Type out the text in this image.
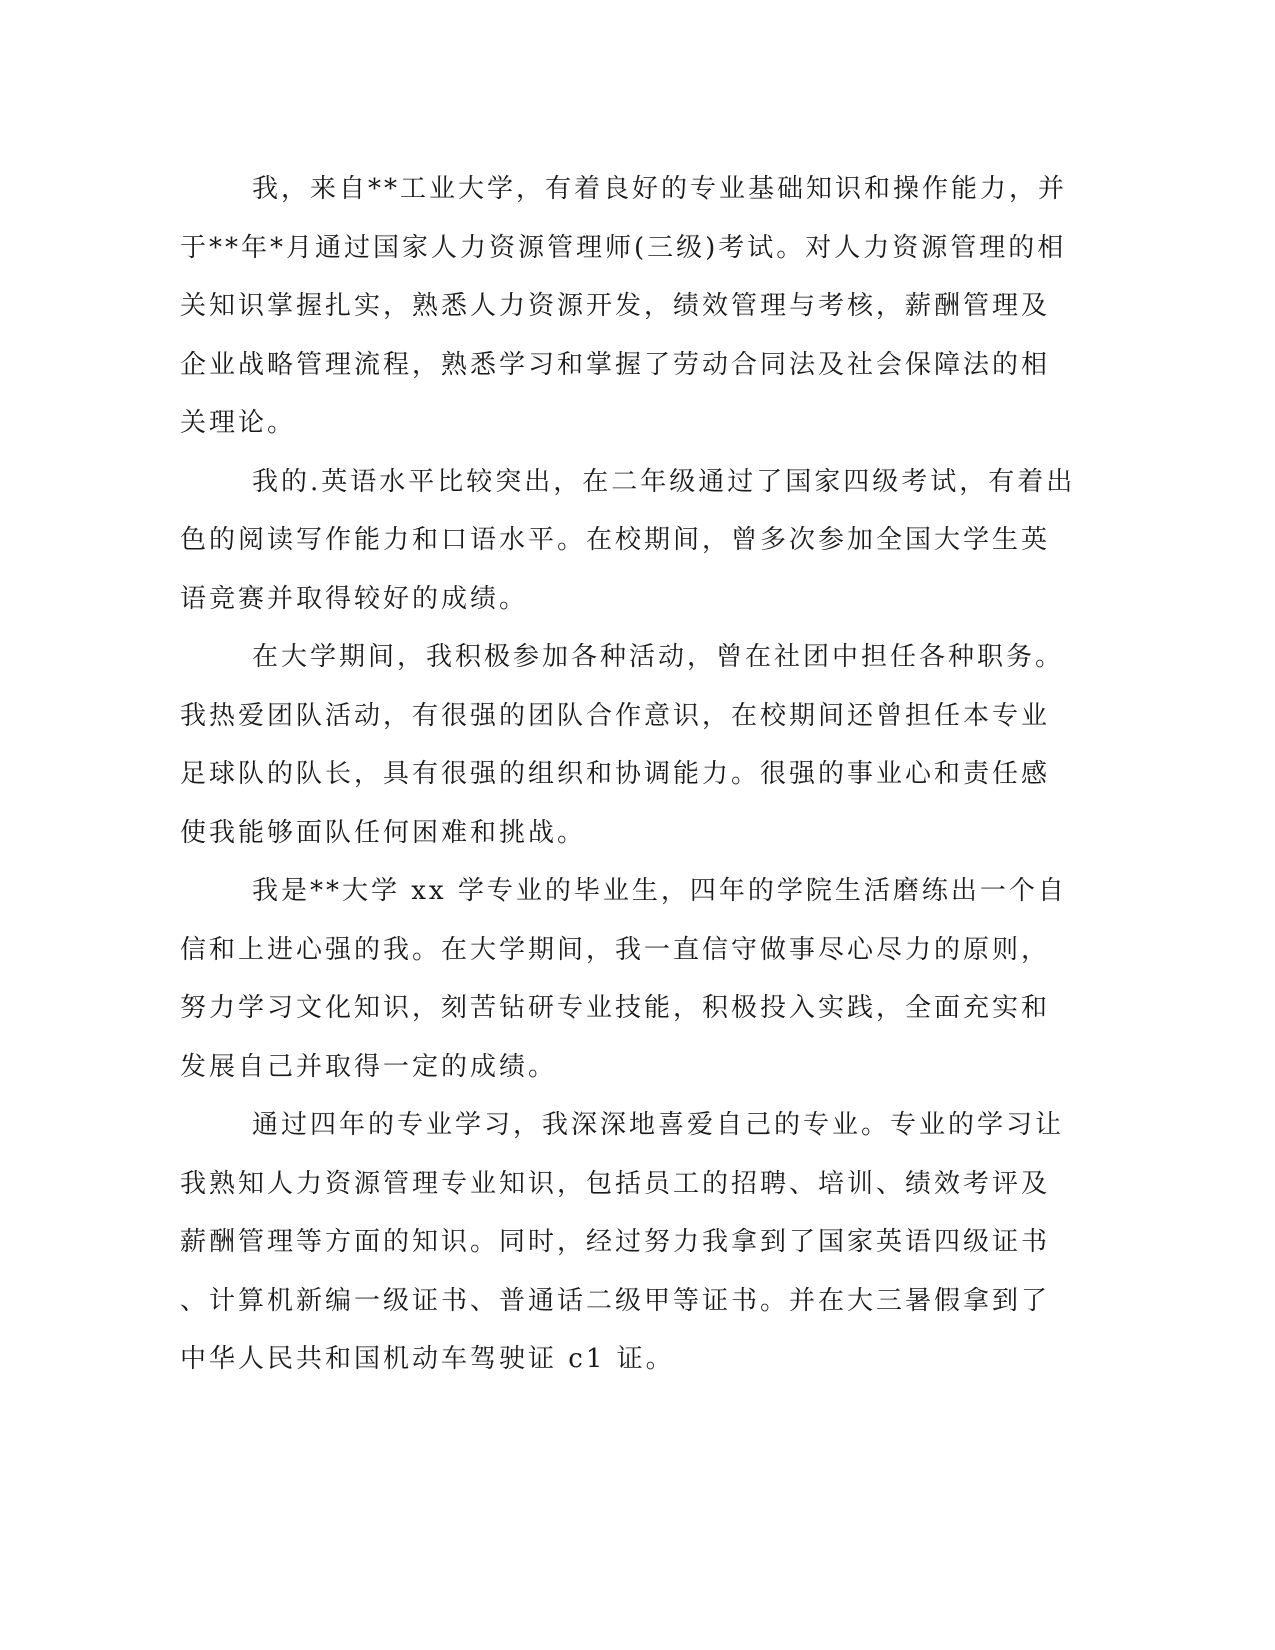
我，来自**工业大学，有着良好的专业基础知识和操作能力，并
于**年*月通过国家人力资源管理师(三级)考试。对人力资源管理的相
关知识掌握扎实，熟悉人力资源开发，绩效管理与考核，薪酬管理及
企业战略管理流程，熟悉学习和掌握了劳动合同法及社会保障法的相
关理论。
我的.英语水平比较突出，在二年级通过了国家四级考试，有着出
色的阅读写作能力和口语水平。在校期间，曾多次参加全国大学生英
语竞赛并取得较好的成绩。
在大学期间，我积极参加各种活动，曾在社团中担任各种职务。
我热爱团队活动，有很强的团队合作意识，在校期间还曾担任本专业
足球队的队长，具有很强的组织和协调能力。很强的事业心和责任感
使我能够面队任何困难和挑战。
我是**大学 xx 学专业的毕业生，四年的学院生活磨练出一个自
信和上进心强的我。在大学期间，我一直信守做事尽心尽力的原则，
努力学习文化知识，刻苦钻研专业技能，积极投入实践，全面充实和
发展自己并取得一定的成绩。
通过四年的专业学习，我深深地喜爱自己的专业。专业的学习让
我熟知人力资源管理专业知识，包括员工的招聘、培训、绩效考评及
薪酬管理等方面的知识。同时，经过努力我拿到了国家英语四级证书
、计算机新编一级证书、普通话二级甲等证书。并在大三暑假拿到了
中华人民共和国机动车驾驶证 c1 证。
